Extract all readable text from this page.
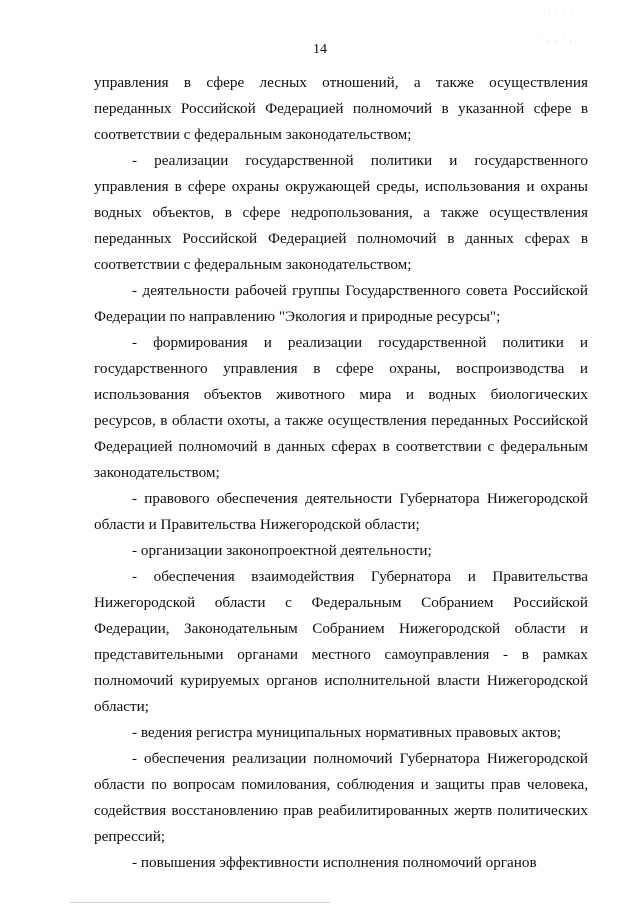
14

управления в сфере лесных отношений, а также осуществления переданных Российской Федерацией полномочий в указанной сфере в соответствии с федеральным законодательством;

- реализации государственной политики и государственного управления в сфере охраны окружающей среды, использования и охраны водных объектов, в сфере недропользования, а также осуществления переданных Российской Федерацией полномочий в данных сферах в соответствии с федеральным законодательством;

- деятельности рабочей группы Государственного совета Российской Федерации по направлению "Экология и природные ресурсы";

- формирования и реализации государственной политики и государственного управления в сфере охраны, воспроизводства и использования объектов животного мира и водных биологических ресурсов, в области охоты, а также осуществления переданных Российской Федерацией полномочий в данных сферах в соответствии с федеральным законодательством;

- правового обеспечения деятельности Губернатора Нижегородской области и Правительства Нижегородской области;

- организации законопроектной деятельности;

- обеспечения взаимодействия Губернатора и Правительства Нижегородской области с Федеральным Собранием Российской Федерации, Законодательным Собранием Нижегородской области и представительными органами местного самоуправления - в рамках полномочий курируемых органов исполнительной власти Нижегородской области;

- ведения регистра муниципальных нормативных правовых актов;

- обеспечения реализации полномочий Губернатора Нижегородской области по вопросам помилования, соблюдения и защиты прав человека, содействия восстановлению прав реабилитированных жертв политических репрессий;

- повышения эффективности исполнения полномочий органов

· · ˙ ·
˙ · · ˙ ·
